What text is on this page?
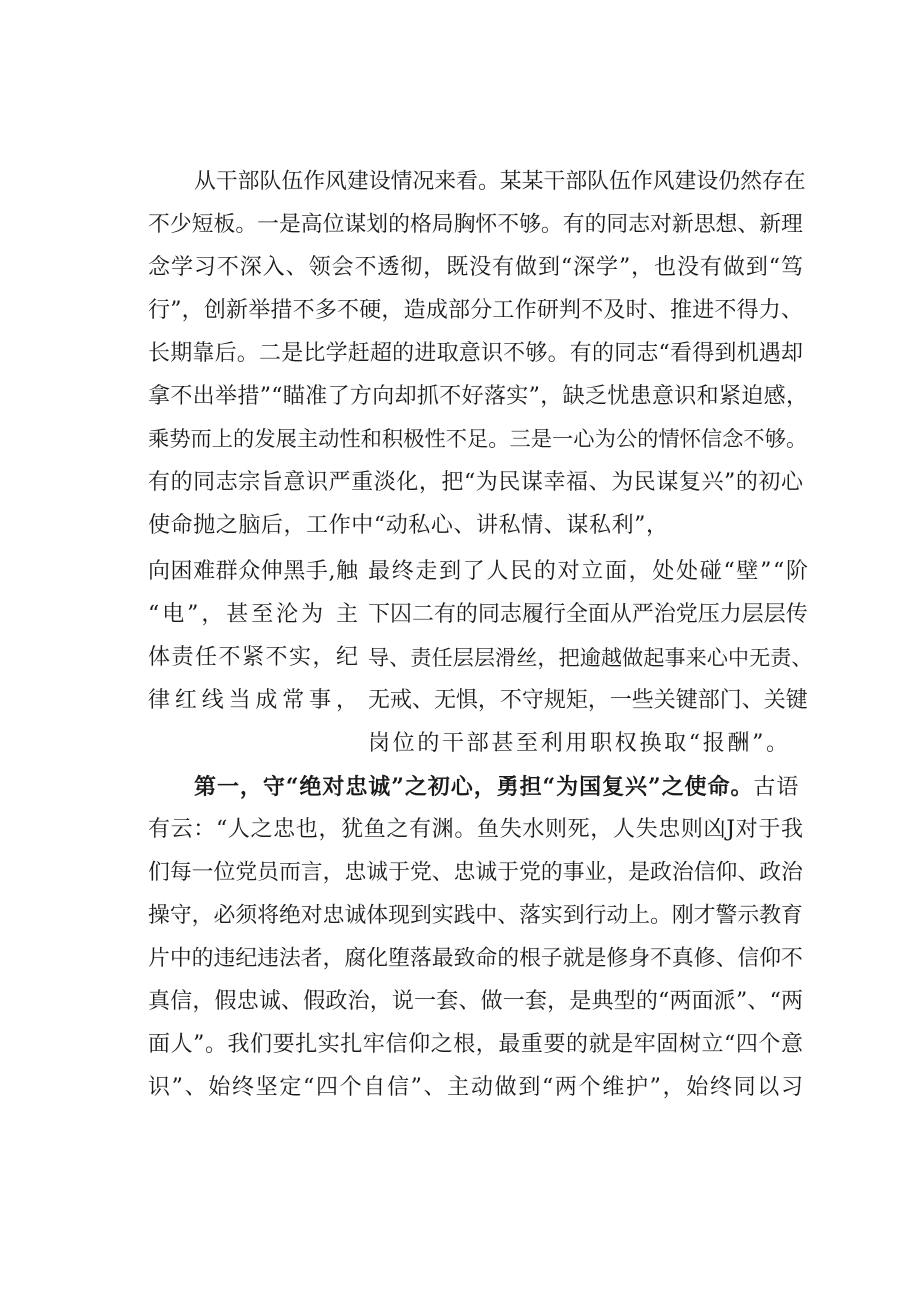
从干部队伍作风建设情况来看。某某干部队伍作风建设仍然存在
不少短板。一是高位谋划的格局胸怀不够。有的同志对新思想、新理
念学习不深入、领会不透彻，既没有做到“深学”，也没有做到“笃
行”，创新举措不多不硬，造成部分工作研判不及时、推进不得力、
长期靠后。二是比学赶超的进取意识不够。有的同志“看得到机遇却
拿不出举措”“瞄准了方向却抓不好落实”，缺乏忧患意识和紧迫感，
乘势而上的发展主动性和积极性不足。三是一心为公的情怀信念不够。
有的同志宗旨意识严重淡化，把“为民谋幸福、为民谋复兴”的初心
使命抛之脑后，工作中“动私心、讲私情、谋私利”，
向困难群众伸黑手,触
“电”，甚至沦为 主
体责任不紧不实，纪
律红线当成常事，
最终走到了人民的对立面，处处碰“壁”“阶
下囚二有的同志履行全面从严治党压力层层传
导、责任层层滑丝，把逾越做起事来心中无责、
无戒、无惧，不守规矩，一些关键部门、关键
岗位的干部甚至利用职权换取“报酬”。
第一，守“绝对忠诚”之初心，勇担“为国复兴”之使命。古语
有云：“人之忠也，犹鱼之有渊。鱼失水则死，人失忠则凶J对于我
们每一位党员而言，忠诚于党、忠诚于党的事业，是政治信仰、政治
操守，必须将绝对忠诚体现到实践中、落实到行动上。刚才警示教育
片中的违纪违法者，腐化堕落最致命的根子就是修身不真修、信仰不
真信，假忠诚、假政治，说一套、做一套，是典型的“两面派”、“两
面人”。我们要扎实扎牢信仰之根，最重要的就是牢固树立“四个意
识”、始终坚定“四个自信”、主动做到“两个维护”，始终同以习
